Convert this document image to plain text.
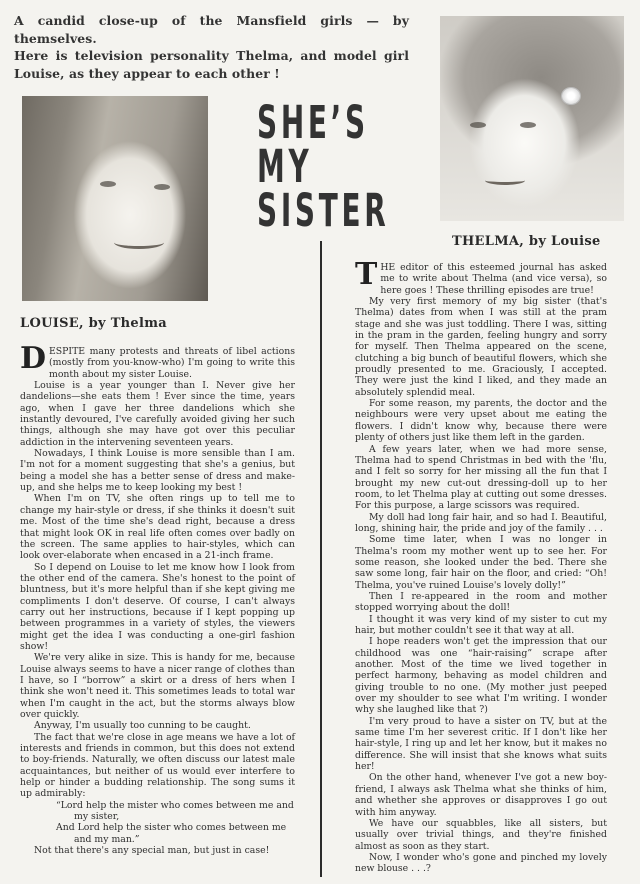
A candid close-up of the Mansfield girls — by themselves.
Here is television personality Thelma, and model girl
Louise, as they appear to each other !
SHE’S
MY
SISTER
THELMA, by Louise
LOUISE, by Thelma

DESPITE many protests and threats of libel actions (mostly from you-know-who) I'm going to write this month about my sister Louise.

Louise is a year younger than I. Never give her dandelions—she eats them ! Ever since the time, years ago, when I gave her three dandelions which she instantly devoured, I've carefully avoided giving her such things, although she may have got over this peculiar addiction in the intervening seventeen years.

Nowadays, I think Louise is more sensible than I am. I'm not for a moment suggesting that she's a genius, but being a model she has a better sense of dress and make-up, and she helps me to keep looking my best !

When I'm on TV, she often rings up to tell me to change my hair-style or dress, if she thinks it doesn't suit me. Most of the time she's dead right, because a dress that might look OK in real life often comes over badly on the screen. The same applies to hair-styles, which can look over-elaborate when encased in a 21-inch frame.

So I depend on Louise to let me know how I look from the other end of the camera. She's honest to the point of bluntness, but it's more helpful than if she kept giving me compliments I don't deserve. Of course, I can't always carry out her instructions, because if I kept popping up between programmes in a variety of styles, the viewers might get the idea I was conducting a one-girl fashion show!

We're very alike in size. This is handy for me, because Louise always seems to have a nicer range of clothes than I have, so I “borrow” a skirt or a dress of hers when I think she won't need it. This sometimes leads to total war when I'm caught in the act, but the storms always blow over quickly.

Anyway, I'm usually too cunning to be caught.

The fact that we're close in age means we have a lot of interests and friends in common, but this does not extend to boy-friends. Naturally, we often discuss our latest male acquaintances, but neither of us would ever interfere to help or hinder a budding relationship. The song sums it up admirably:

“Lord help the mister who comes between me and
my sister,

And Lord help the sister who comes between me
and my man.”

Not that there's any special man, but just in case!

THE editor of this esteemed journal has asked me to write about Thelma (and vice versa), so here goes ! These thrilling episodes are true!

My very first memory of my big sister (that's Thelma) dates from when I was still at the pram stage and she was just toddling. There I was, sitting in the pram in the garden, feeling hungry and sorry for myself. Then Thelma appeared on the scene, clutching a big bunch of beautiful flowers, which she proudly presented to me. Graciously, I accepted. They were just the kind I liked, and they made an absolutely splendid meal.

For some reason, my parents, the doctor and the neighbours were very upset about me eating the flowers. I didn't know why, because there were plenty of others just like them left in the garden.

A few years later, when we had more sense, Thelma had to spend Christmas in bed with the 'flu, and I felt so sorry for her missing all the fun that I brought my new cut-out dressing-doll up to her room, to let Thelma play at cutting out some dresses. For this purpose, a large scissors was required.

My doll had long fair hair, and so had I. Beautiful, long, shining hair, the pride and joy of the family . . .

Some time later, when I was no longer in Thelma's room my mother went up to see her. For some reason, she looked under the bed. There she saw some long, fair hair on the floor, and cried: “Oh! Thelma, you've ruined Louise's lovely dolly!”

Then I re-appeared in the room and mother stopped worrying about the doll!

I thought it was very kind of my sister to cut my hair, but mother couldn't see it that way at all.

I hope readers won't get the impression that our childhood was one “hair-raising” scrape after another. Most of the time we lived together in perfect harmony, behaving as model children and giving trouble to no one. (My mother just peeped over my shoulder to see what I'm writing. I wonder why she laughed like that ?)

I'm very proud to have a sister on TV, but at the same time I'm her severest critic. If I don't like her hair-style, I ring up and let her know, but it makes no difference. She will insist that she knows what suits her!

On the other hand, whenever I've got a new boy-friend, I always ask Thelma what she thinks of him, and whether she approves or disapproves I go out with him anyway.

We have our squabbles, like all sisters, but usually over trivial things, and they're finished almost as soon as they start.

Now, I wonder who's gone and pinched my lovely new blouse . . .?
